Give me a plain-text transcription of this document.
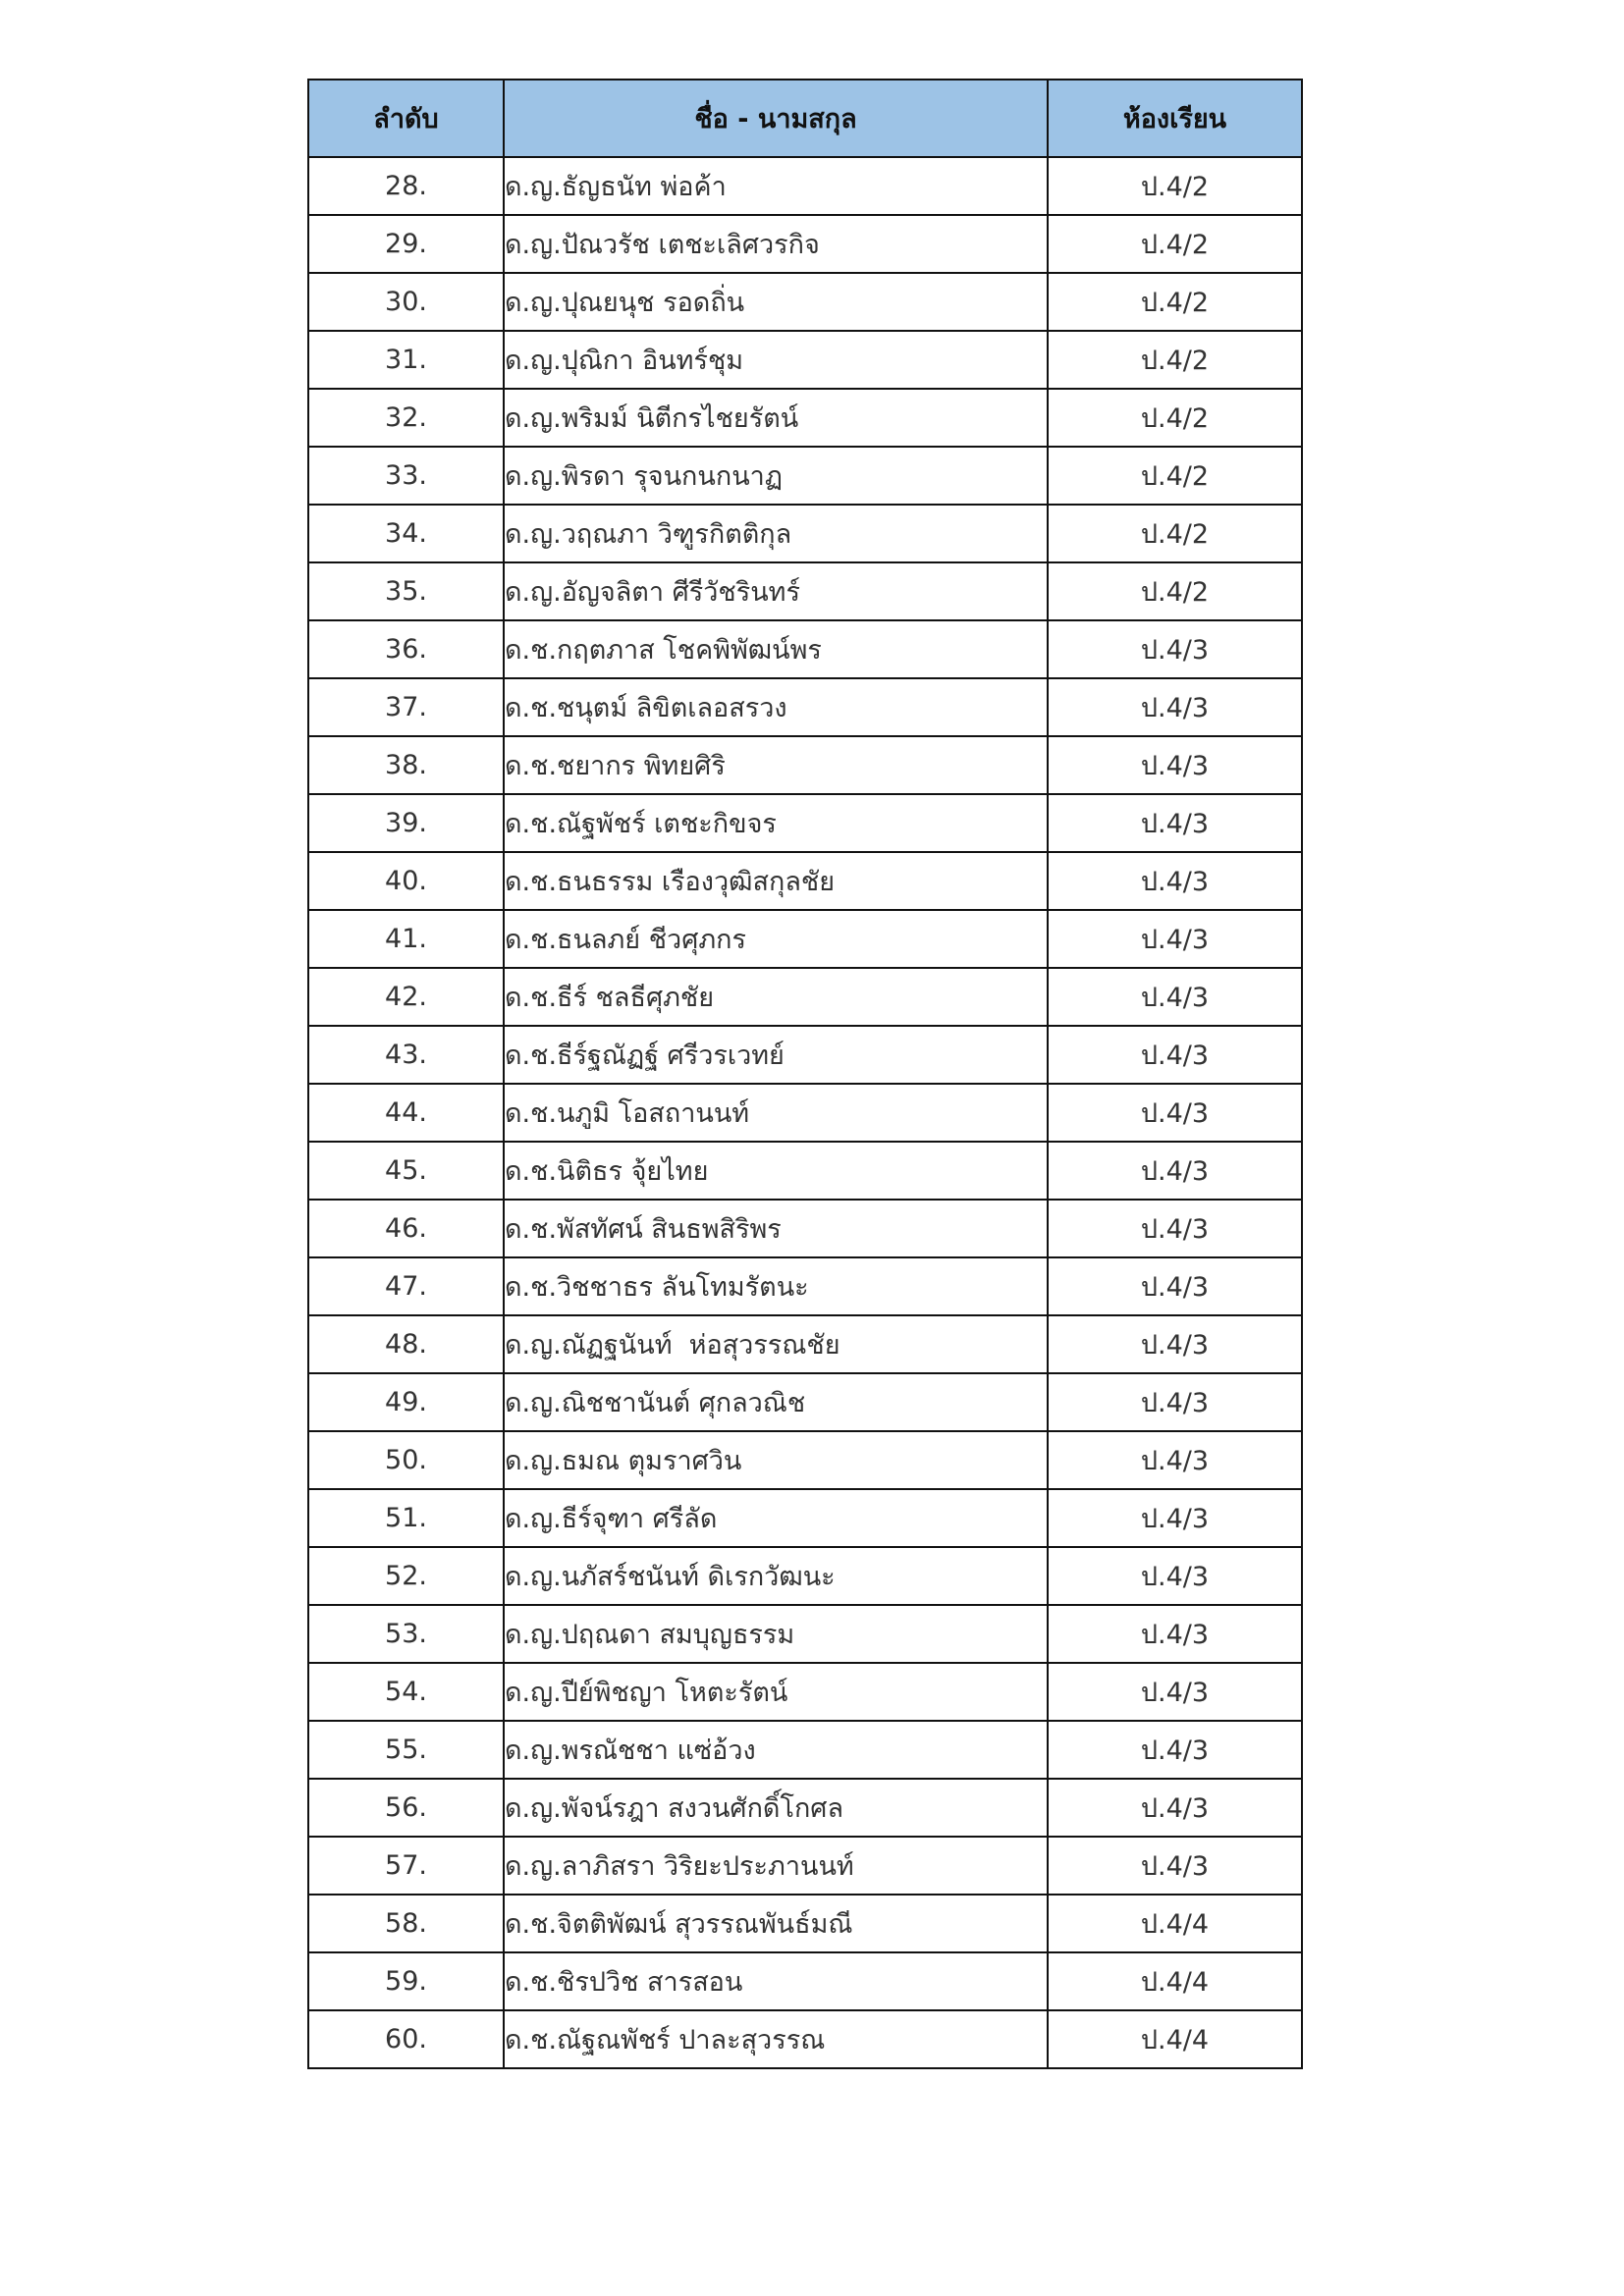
ลำดับ	ชื่อ - นามสกุล	ห้องเรียน
28.	ด.ญ.ธัญธนัท พ่อค้า	ป.4/2
29.	ด.ญ.ปัณวรัช เตชะเลิศวรกิจ	ป.4/2
30.	ด.ญ.ปุณยนุช รอดถิ่น	ป.4/2
31.	ด.ญ.ปุณิกา อินทร์ชุม	ป.4/2
32.	ด.ญ.พริมม์ นิตีกรไชยรัตน์	ป.4/2
33.	ด.ญ.พิรดา รุจนกนกนาฏ	ป.4/2
34.	ด.ญ.วฤณภา วิฑูรกิตติกุล	ป.4/2
35.	ด.ญ.อัญจลิตา ศีรีวัชรินทร์	ป.4/2
36.	ด.ช.กฤตภาส โชคพิพัฒน์พร	ป.4/3
37.	ด.ช.ชนุตม์ ลิขิตเลอสรวง	ป.4/3
38.	ด.ช.ชยากร พิทยศิริ	ป.4/3
39.	ด.ช.ณัฐพัชร์ เตชะกิขจร	ป.4/3
40.	ด.ช.ธนธรรม เรืองวุฒิสกุลชัย	ป.4/3
41.	ด.ช.ธนลภย์ ชีวศุภกร	ป.4/3
42.	ด.ช.ธีร์ ชลธีศุภชัย	ป.4/3
43.	ด.ช.ธีร์ฐณัฏฐ์ ศรีวรเวทย์	ป.4/3
44.	ด.ช.นภูมิ โอสถานนท์	ป.4/3
45.	ด.ช.นิติธร จุ้ยไทย	ป.4/3
46.	ด.ช.พัสทัศน์ สินธพสิริพร	ป.4/3
47.	ด.ช.วิชชาธร ลันโทมรัตนะ	ป.4/3
48.	ด.ญ.ณัฏฐนันท์  ห่อสุวรรณชัย	ป.4/3
49.	ด.ญ.ณิชชานันต์ ศุกลวณิช	ป.4/3
50.	ด.ญ.ธมณ ตุมราศวิน	ป.4/3
51.	ด.ญ.ธีร์จุฑา ศรีลัด	ป.4/3
52.	ด.ญ.นภัสร์ชนันท์ ดิเรกวัฒนะ	ป.4/3
53.	ด.ญ.ปฤณดา สมบุญธรรม	ป.4/3
54.	ด.ญ.ปีย์พิชญา โหตะรัตน์	ป.4/3
55.	ด.ญ.พรณัชชา แซ่อ้วง	ป.4/3
56.	ด.ญ.พัจน์รฎา สงวนศักดิ์โกศล	ป.4/3
57.	ด.ญ.ลาภิสรา วิริยะประภานนท์	ป.4/3
58.	ด.ช.จิตติพัฒน์ สุวรรณพันธ์มณี	ป.4/4
59.	ด.ช.ชิรปวิช สารสอน	ป.4/4
60.	ด.ช.ณัฐณพัชร์ ปาละสุวรรณ	ป.4/4
